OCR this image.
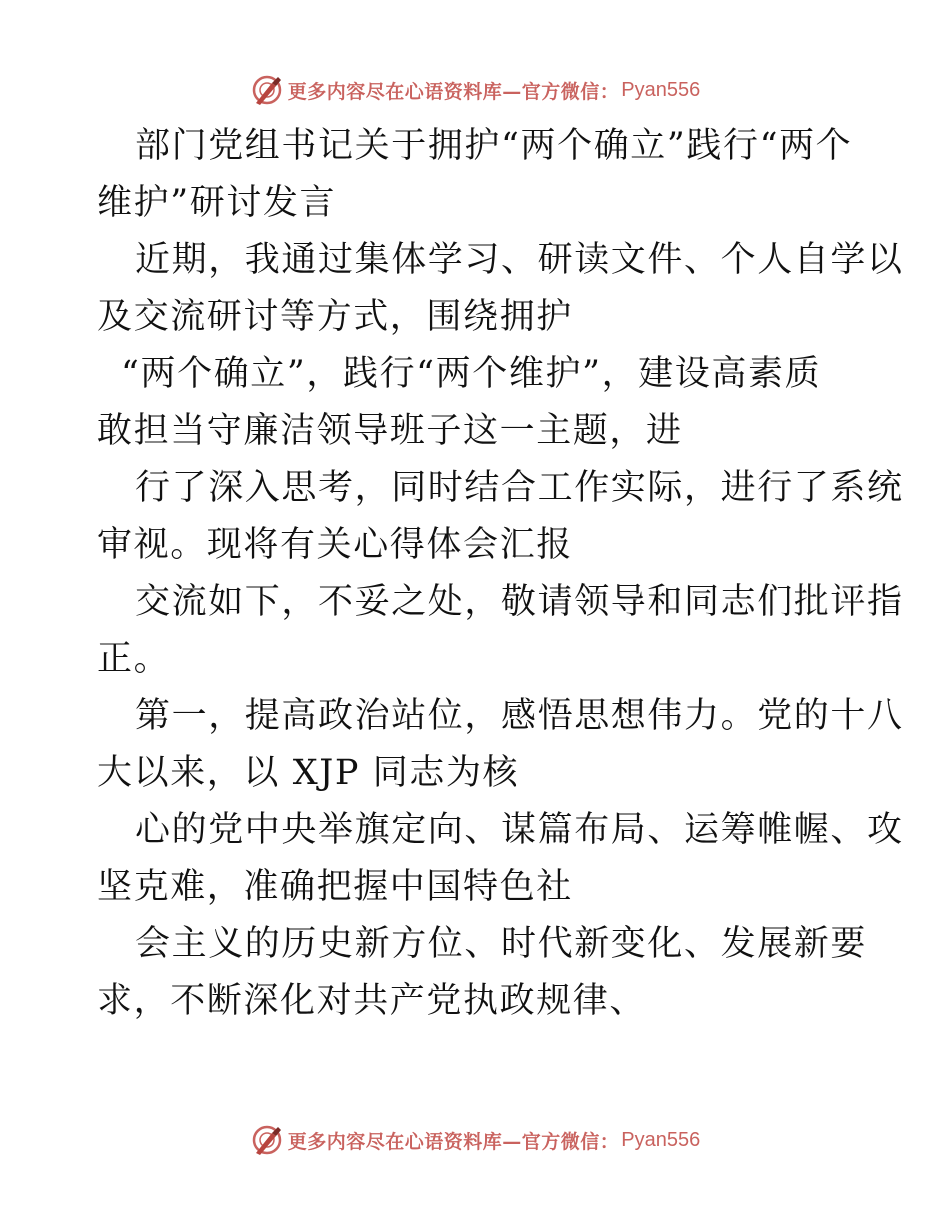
更多内容尽在心语资料库—官方微信： Pyan556
部门党组书记关于拥护“两个确立”践行“两个
维护”研讨发言
近期，我通过集体学习、研读文件、个人自学以
及交流研讨等方式，围绕拥护
“两个确立”，践行“两个维护”，建设高素质
敢担当守廉洁领导班子这一主题，进
行了深入思考，同时结合工作实际，进行了系统
审视。现将有关心得体会汇报
交流如下，不妥之处，敬请领导和同志们批评指
正。
第一，提高政治站位，感悟思想伟力。党的十八
大以来，以 XJP 同志为核
心的党中央举旗定向、谋篇布局、运筹帷幄、攻
坚克难，准确把握中国特色社
会主义的历史新方位、时代新变化、发展新要
求，不断深化对共产党执政规律、
更多内容尽在心语资料库—官方微信： Pyan556
